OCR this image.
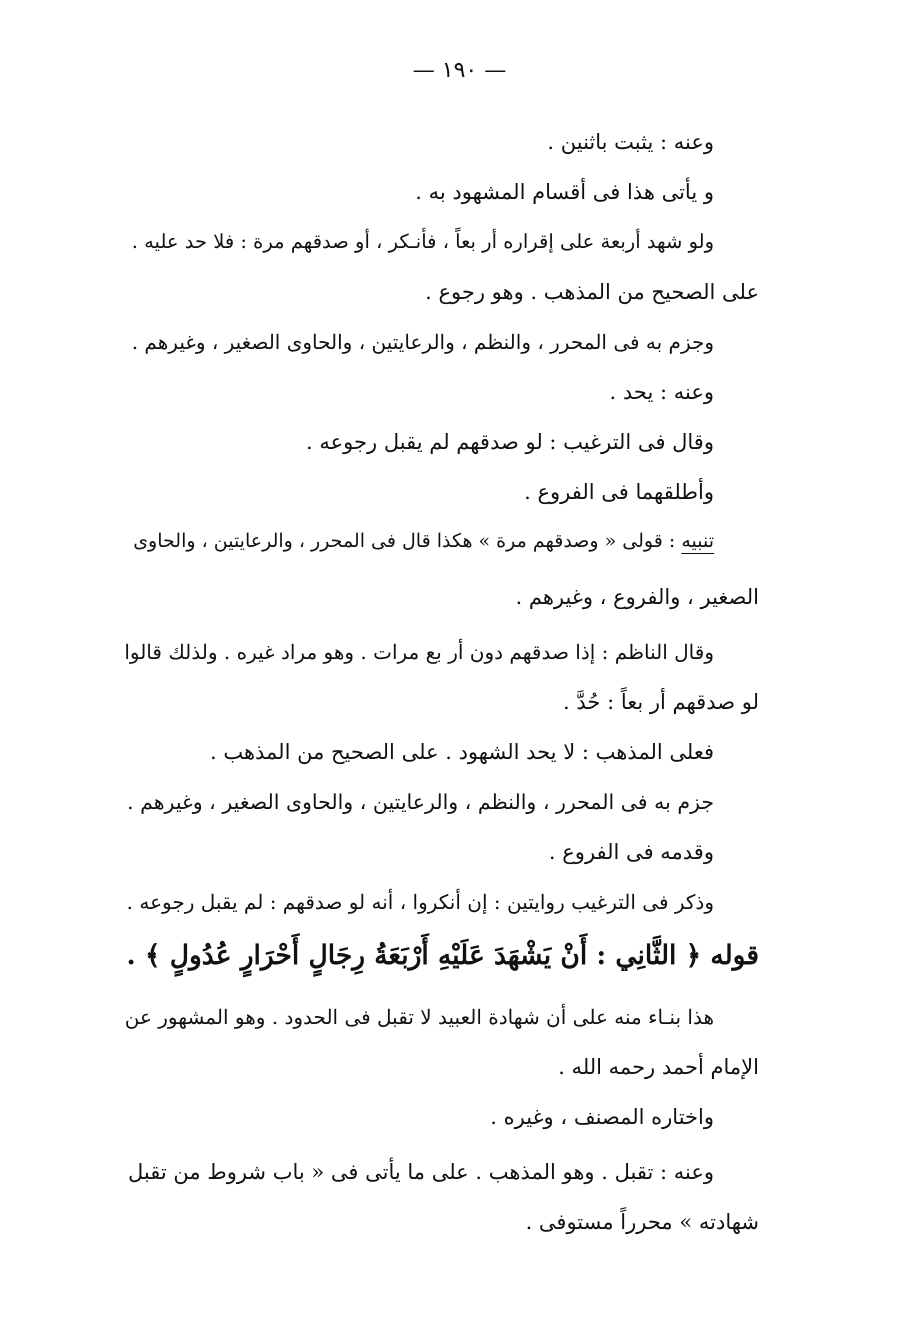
— ١٩٠ —
وعنه : يثبت باثنين .
و يأتى هذا فى أقسام المشهود به .
ولو شهد أربعة على إقراره أر بعاً ، فأنـكر ، أو صدقهم مرة : فلا حد عليه .
على الصحيح من المذهب . وهو رجوع .
وجزم به فى المحرر ، والنظم ، والرعايتين ، والحاوى الصغير ، وغيرهم .
وعنه : يحد .
وقال فى الترغيب : لو صدقهم لم يقبل رجوعه .
وأطلقهما فى الفروع .
تنبيه : قولى « وصدقهم مرة » هكذا قال فى المحرر ، والرعايتين ، والحاوى
الصغير ، والفروع ، وغيرهم .
وقال الناظم : إذا صدقهم دون أر بع مرات . وهو مراد غيره . ولذلك قالوا
لو صدقهم أر بعاً : حُدَّ .
فعلى المذهب : لا يحد الشهود . على الصحيح من المذهب .
جزم به فى المحرر ، والنظم ، والرعايتين ، والحاوى الصغير ، وغيرهم .
وقدمه فى الفروع .
وذكر فى الترغيب روايتين : إن أنكروا ، أنه لو صدقهم : لم يقبل رجوعه .
قوله ﴿ الثَّانِي : أَنْ يَشْهَدَ عَلَيْهِ أَرْبَعَةُ رِجَالٍ أَحْرَارٍ عُدُولٍ ﴾ .
هذا بنـاء منه على أن شهادة العبيد لا تقبل فى الحدود . وهو المشهور عن
الإمام أحمد رحمه الله .
واختاره المصنف ، وغيره .
وعنه : تقبل . وهو المذهب . على ما يأتى فى « باب شروط من تقبل
شهادته » محرراً مستوفى .
